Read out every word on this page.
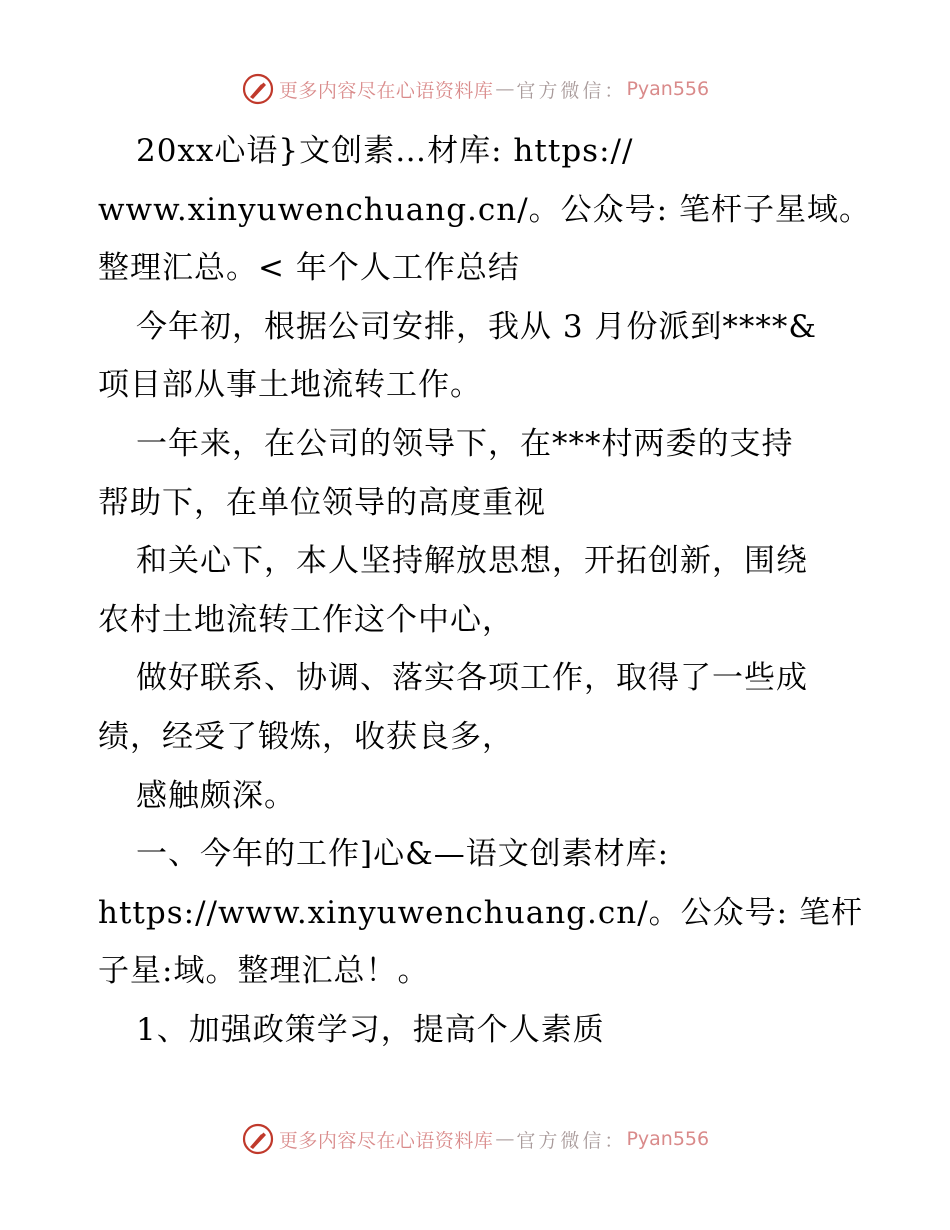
更多内容尽在心语资料库 — 官方微信： Pyan556
20xx心语}文创素…材库: https://
www.xinyuwenchuang.cn/。公众号: 笔杆子星域。
整理汇总。< 年个人工作总结
今年初，根据公司安排，我从 3 月份派到****&
项目部从事土地流转工作。
一年来，在公司的领导下，在***村两委的支持
帮助下，在单位领导的高度重视
和关心下，本人坚持解放思想，开拓创新，围绕
农村土地流转工作这个中心，
做好联系、协调、落实各项工作，取得了一些成
绩，经受了锻炼，收获良多，
感触颇深。
一、今年的工作]心&—语文创素材库:
https://www.xinyuwenchuang.cn/。公众号: 笔杆
子星:域。整理汇总！。
1、加强政策学习，提高个人素质
更多内容尽在心语资料库 — 官方微信： Pyan556
